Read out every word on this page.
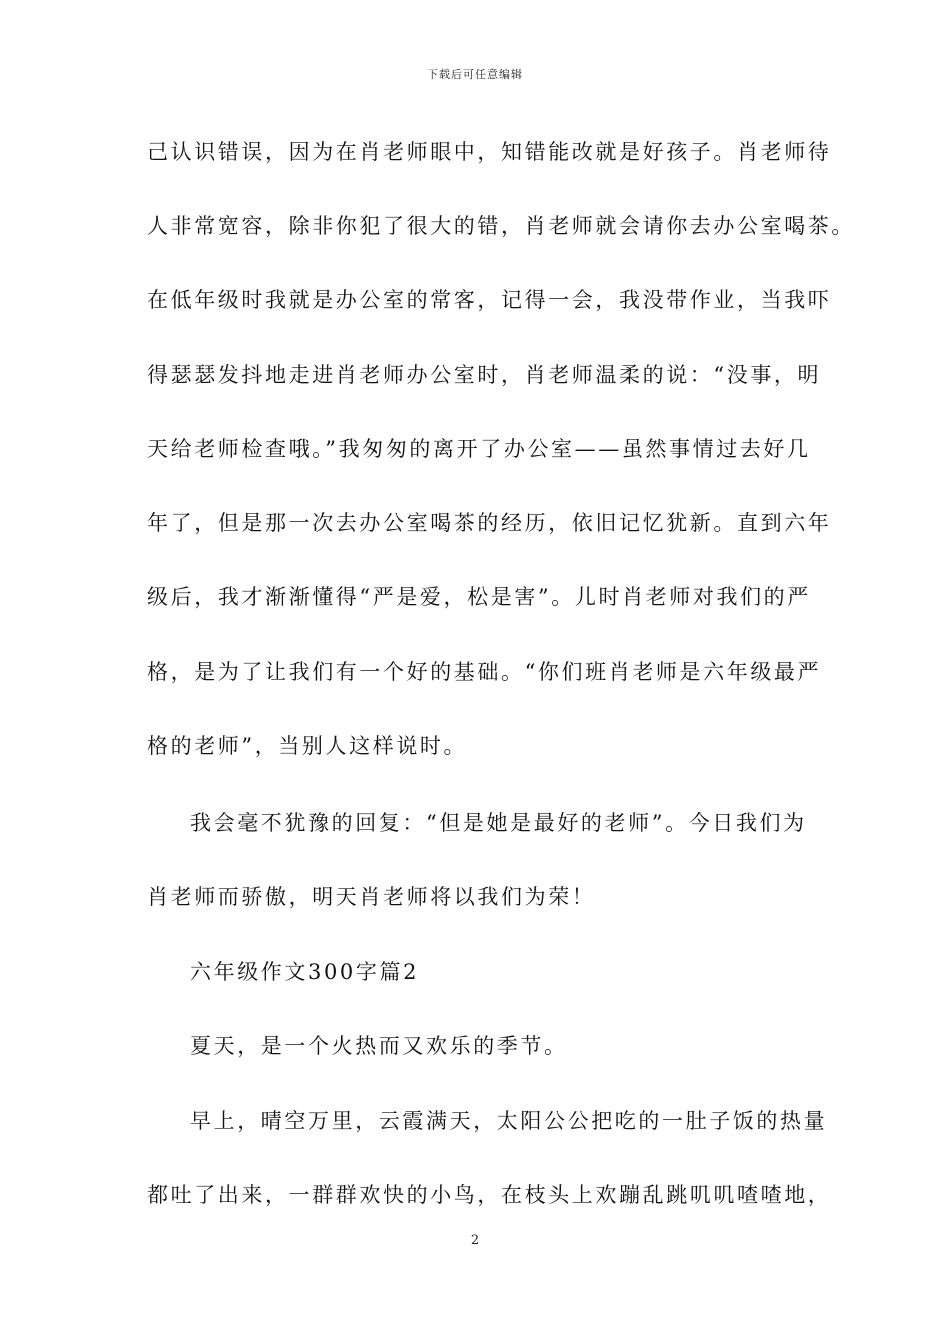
下载后可任意编辑
己认识错误，因为在肖老师眼中，知错能改就是好孩子。肖老师待
人非常宽容，除非你犯了很大的错，肖老师就会请你去办公室喝茶。
在低年级时我就是办公室的常客，记得一会，我没带作业，当我吓
得瑟瑟发抖地走进肖老师办公室时，肖老师温柔的说：“没事，明
天给老师检查哦。”我匆匆的离开了办公室——虽然事情过去好几
年了，但是那一次去办公室喝茶的经历，依旧记忆犹新。直到六年
级后，我才渐渐懂得“严是爱，松是害”。儿时肖老师对我们的严
格，是为了让我们有一个好的基础。“你们班肖老师是六年级最严
格的老师”，当别人这样说时。
我会毫不犹豫的回复：“但是她是最好的老师”。今日我们为
肖老师而骄傲，明天肖老师将以我们为荣！
六年级作文300字篇2
夏天，是一个火热而又欢乐的季节。
早上，晴空万里，云霞满天，太阳公公把吃的一肚子饭的热量
都吐了出来，一群群欢快的小鸟，在枝头上欢蹦乱跳叽叽喳喳地，
2
